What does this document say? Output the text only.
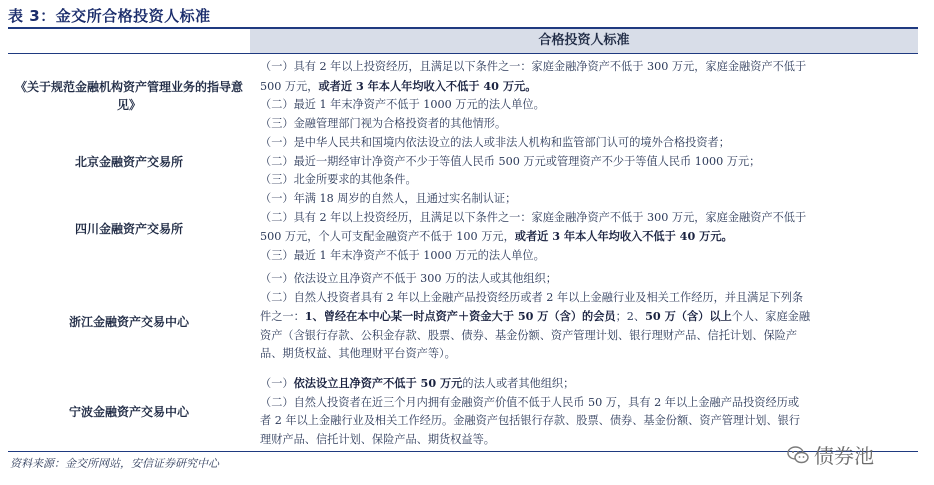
表 3：金交所合格投资人标准
合格投资人标准
《关于规范金融机构资产管理业务的指导意见》

（一）具有 2 年以上投资经历，且满足以下条件之一：家庭金融净资产不低于 300 万元，家庭金融资产不低于

500 万元，或者近 3 年本人年均收入不低于 40 万元。

（二）最近 1 年末净资产不低于 1000 万元的法人单位。

（三）金融管理部门视为合格投资者的其他情形。

北京金融资产交易所

（一）是中华人民共和国境内依法设立的法人或非法人机构和监管部门认可的境外合格投资者；

（二）最近一期经审计净资产不少于等值人民币 500 万元或管理资产不少于等值人民币 1000 万元；

（三）北金所要求的其他条件。

四川金融资产交易所

（一）年满 18 周岁的自然人，且通过实名制认证；

（二）具有 2 年以上投资经历，且满足以下条件之一：家庭金融净资产不低于 300 万元，家庭金融资产不低于

500 万元，个人可支配金融资产不低于 100 万元，或者近 3 年本人年均收入不低于 40 万元。

（三）最近 1 年末净资产不低于 1000 万元的法人单位。

浙江金融资产交易中心

（一）依法设立且净资产不低于 300 万的法人或其他组织；

（二）自然人投资者具有 2 年以上金融产品投资经历或者 2 年以上金融行业及相关工作经历，并且满足下列条

件之一：1、曾经在本中心某一时点资产＋资金大于 50 万（含）的会员；2、50 万（含）以上个人、家庭金融

资产（含银行存款、公积金存款、股票、债券、基金份额、资产管理计划、银行理财产品、信托计划、保险产

品、期货权益、其他理财平台资产等）。

宁波金融资产交易中心

（一）依法设立且净资产不低于 50 万元的法人或者其他组织；

（二）自然人投资者在近三个月内拥有金融资产价值不低于人民币 50 万，具有 2 年以上金融产品投资经历或

者 2 年以上金融行业及相关工作经历。金融资产包括银行存款、股票、债券、基金份额、资产管理计划、银行

理财产品、信托计划、保险产品、期货权益等。

资料来源：金交所网站，安信证券研究中心	债券池
